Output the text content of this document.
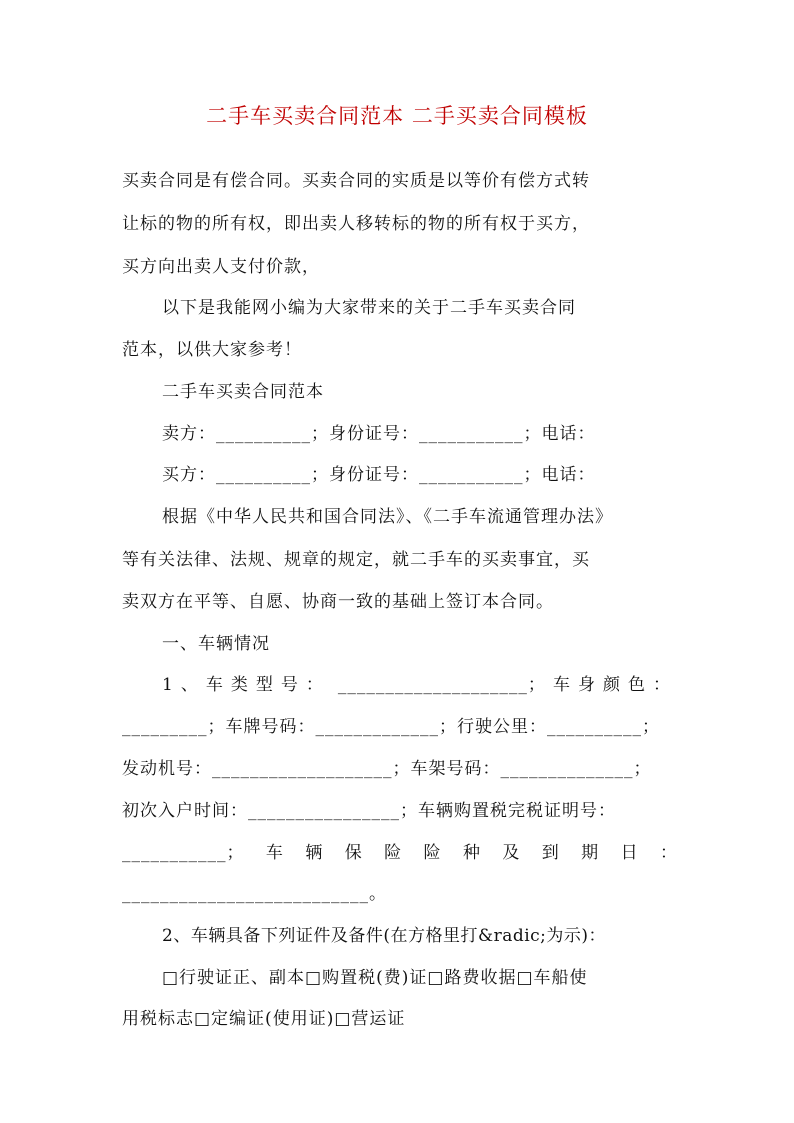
二手车买卖合同范本 二手买卖合同模板
买卖合同是有偿合同。买卖合同的实质是以等价有偿方式转
让标的物的所有权，即出卖人移转标的物的所有权于买方，
买方向出卖人支付价款，
以下是我能网小编为大家带来的关于二手车买卖合同
范本，以供大家参考！
二手车买卖合同范本
卖方：__________；身份证号：___________；电话：
买方：__________；身份证号：___________；电话：
根据《中华人民共和国合同法》、《二手车流通管理办法》
等有关法律、法规、规章的规定，就二手车的买卖事宜，买
卖双方在平等、自愿、协商一致的基础上签订本合同。
一、车辆情况
1、车类型号： ____________________； 车身颜色：
_________；车牌号码：_____________；行驶公里：__________；
发动机号：___________________；车架号码：______________；
初次入户时间：________________；车辆购置税完税证明号：
___________； 车 辆 保 险 险 种 及 到 期 日 ：
__________________________。
2、车辆具备下列证件及备件(在方格里打&radic;为示)：
□行驶证正、副本□购置税(费)证□路费收据□车船使
用税标志□定编证(使用证)□营运证
